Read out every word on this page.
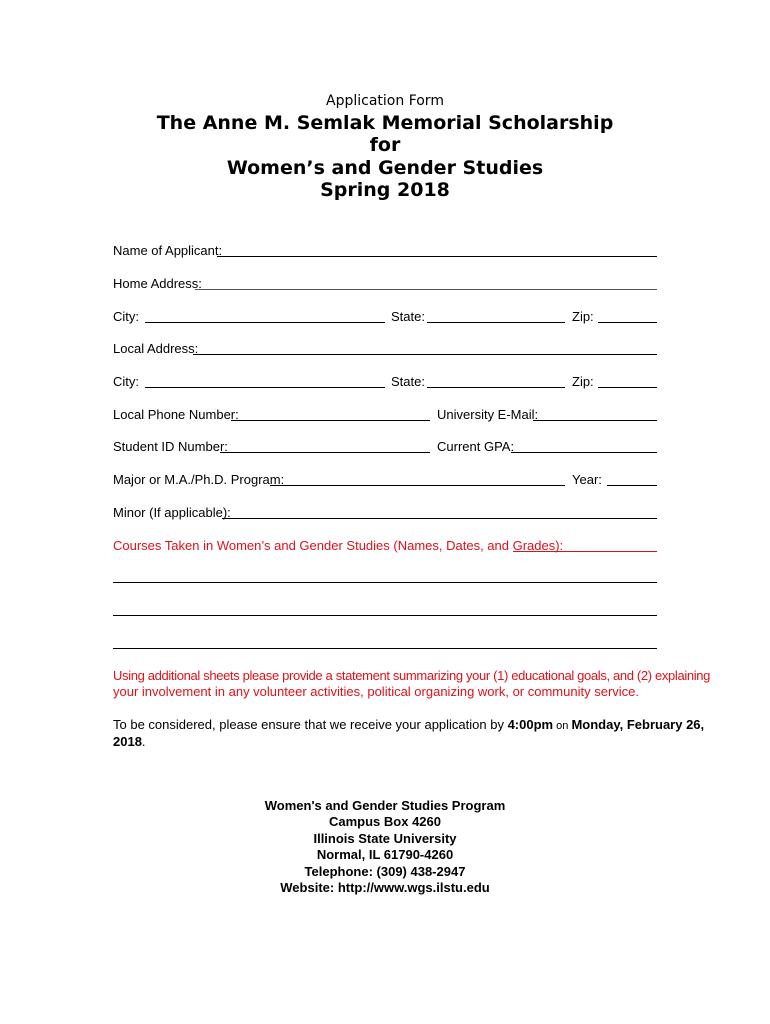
Application Form
The Anne M. Semlak Memorial Scholarship
for
Women’s and Gender Studies
Spring 2018
Name of Applicant:
Home Address:
City:	State:	Zip:
Local Address:
City:	State:	Zip:
Local Phone Number:	University E-Mail:
Student ID Number:	Current GPA:
Major or M.A./Ph.D. Program:	Year:
Minor (If applicable):
Courses Taken in Women’s and Gender Studies (Names, Dates, and Grades):
Using additional sheets please provide a statement summarizing your (1) educational goals, and (2) explaining
your involvement in any volunteer activities, political organizing work, or community service.
To be considered, please ensure that we receive your application by 4:00pm on Monday, February 26,
2018.
Women's and Gender Studies Program
Campus Box 4260
Illinois State University
Normal, IL 61790-4260
Telephone: (309) 438-2947
Website: http://www.wgs.ilstu.edu
